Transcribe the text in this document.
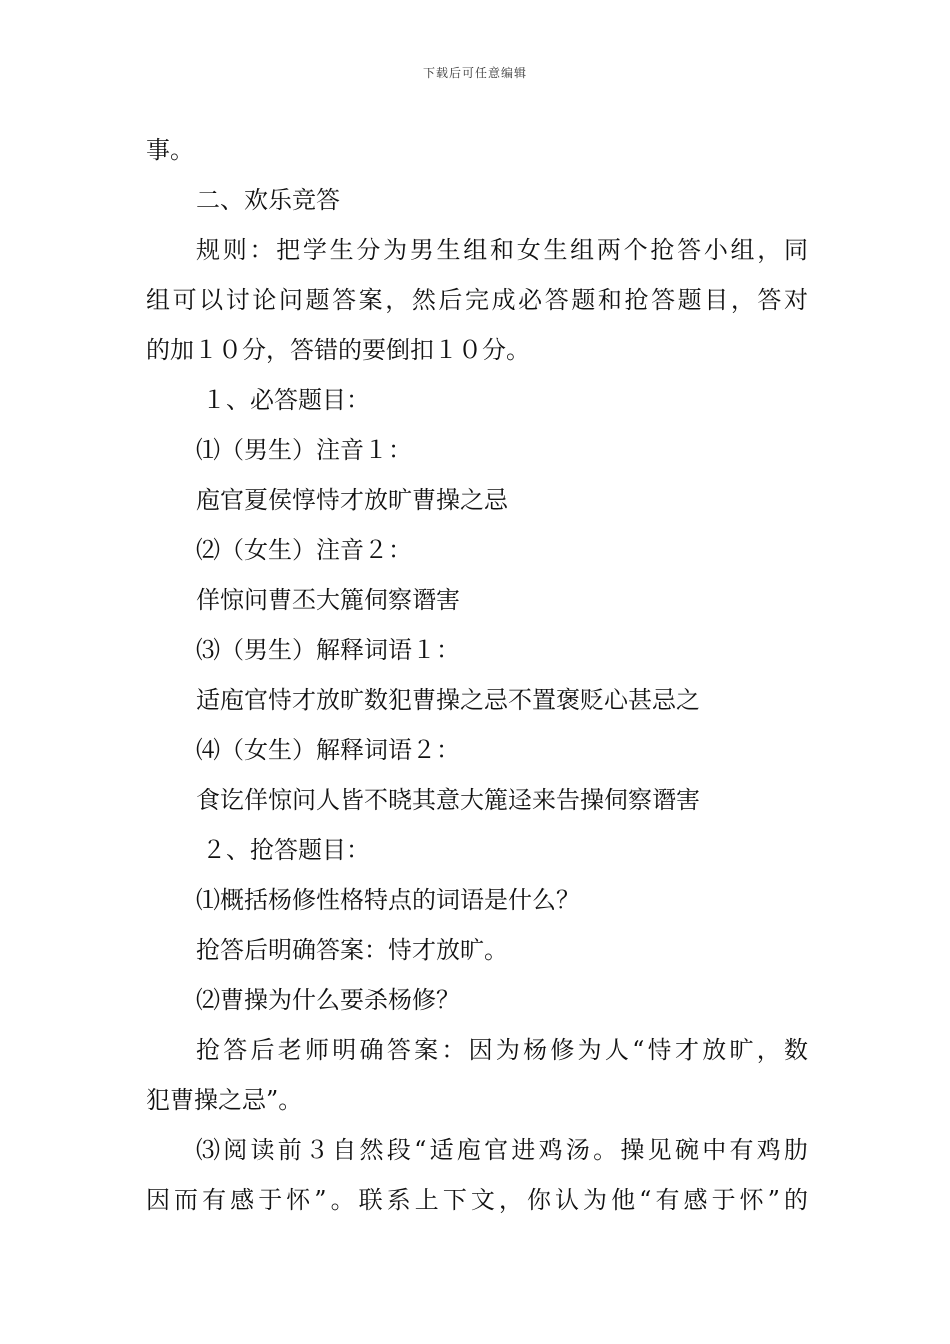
下载后可任意编辑
事。
二、欢乐竞答
规则：把学生分为男生组和女生组两个抢答小组，同
组可以讨论问题答案，然后完成必答题和抢答题目，答对
的加１０分，答错的要倒扣１０分。
１、必答题目：
⑴（男生）注音１：
庖官夏侯惇恃才放旷曹操之忌
⑵（女生）注音２：
佯惊问曹丕大簏伺察谮害
⑶（男生）解释词语１：
适庖官恃才放旷数犯曹操之忌不置褒贬心甚忌之
⑷（女生）解释词语２：
食讫佯惊问人皆不晓其意大簏迳来告操伺察谮害
２、抢答题目：
⑴概括杨修性格特点的词语是什么？
抢答后明确答案：恃才放旷。
⑵曹操为什么要杀杨修？
抢答后老师明确答案：因为杨修为人“恃才放旷，数
犯曹操之忌”。
⑶阅读前３自然段“适庖官进鸡汤。操见碗中有鸡肋
因而有感于怀”。联系上下文，你认为他“有感于怀”的
